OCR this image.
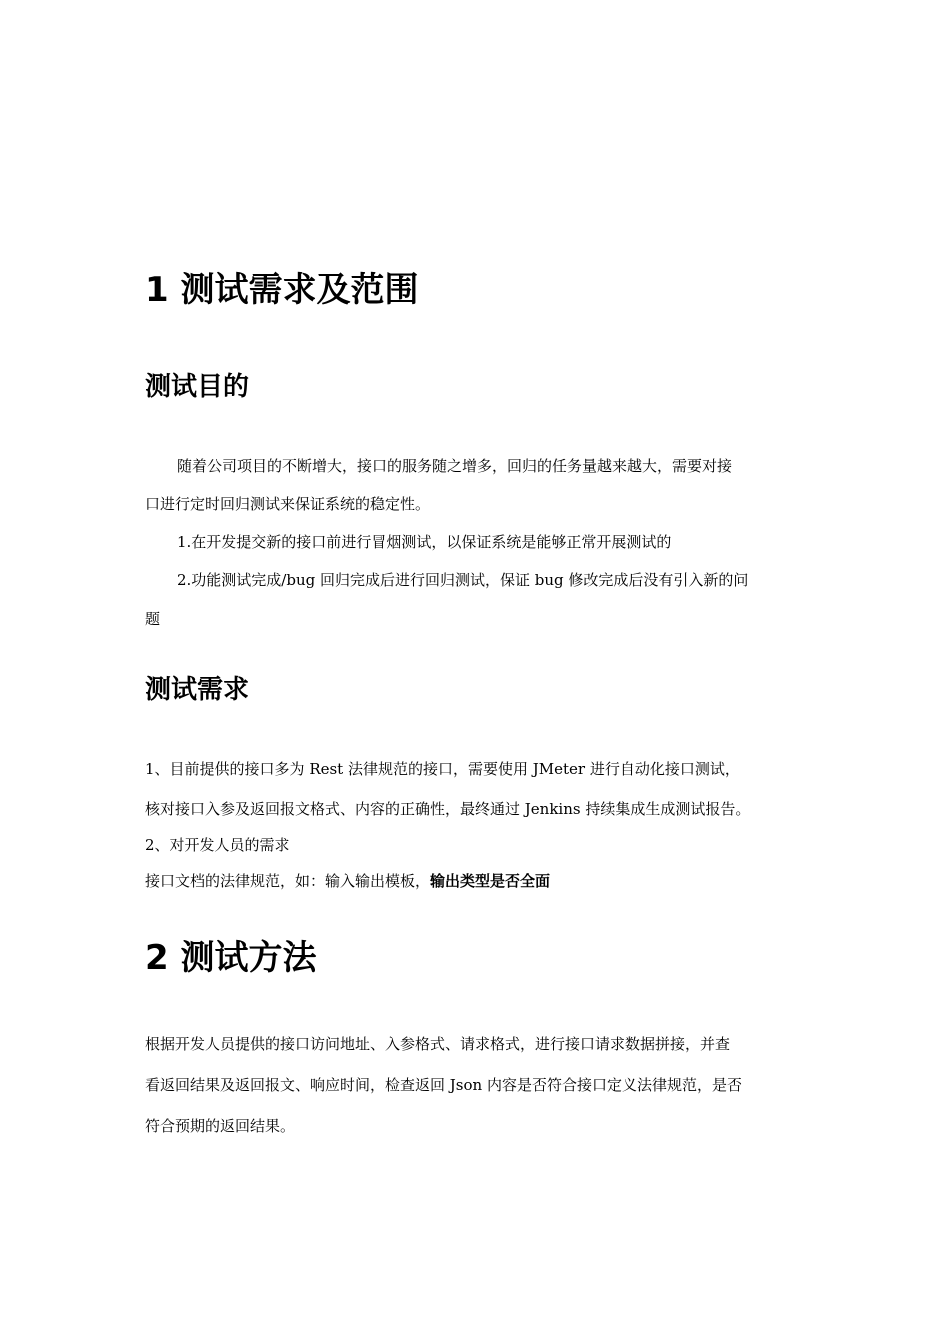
1 测试需求及范围
测试目的
随着公司项目的不断增大，接口的服务随之增多，回归的任务量越来越大，需要对接
口进行定时回归测试来保证系统的稳定性。
1.在开发提交新的接口前进行冒烟测试，以保证系统是能够正常开展测试的
2.功能测试完成/bug 回归完成后进行回归测试，保证 bug 修改完成后没有引入新的问
题
测试需求
1、目前提供的接口多为 Rest 法律规范的接口，需要使用 JMeter 进行自动化接口测试，
核对接口入参及返回报文格式、内容的正确性，最终通过 Jenkins 持续集成生成测试报告。
2、对开发人员的需求
接口文档的法律规范，如：输入输出模板，输出类型是否全面
2 测试方法
根据开发人员提供的接口访问地址、入参格式、请求格式，进行接口请求数据拼接，并查
看返回结果及返回报文、响应时间，检查返回 Json 内容是否符合接口定义法律规范，是否
符合预期的返回结果。
